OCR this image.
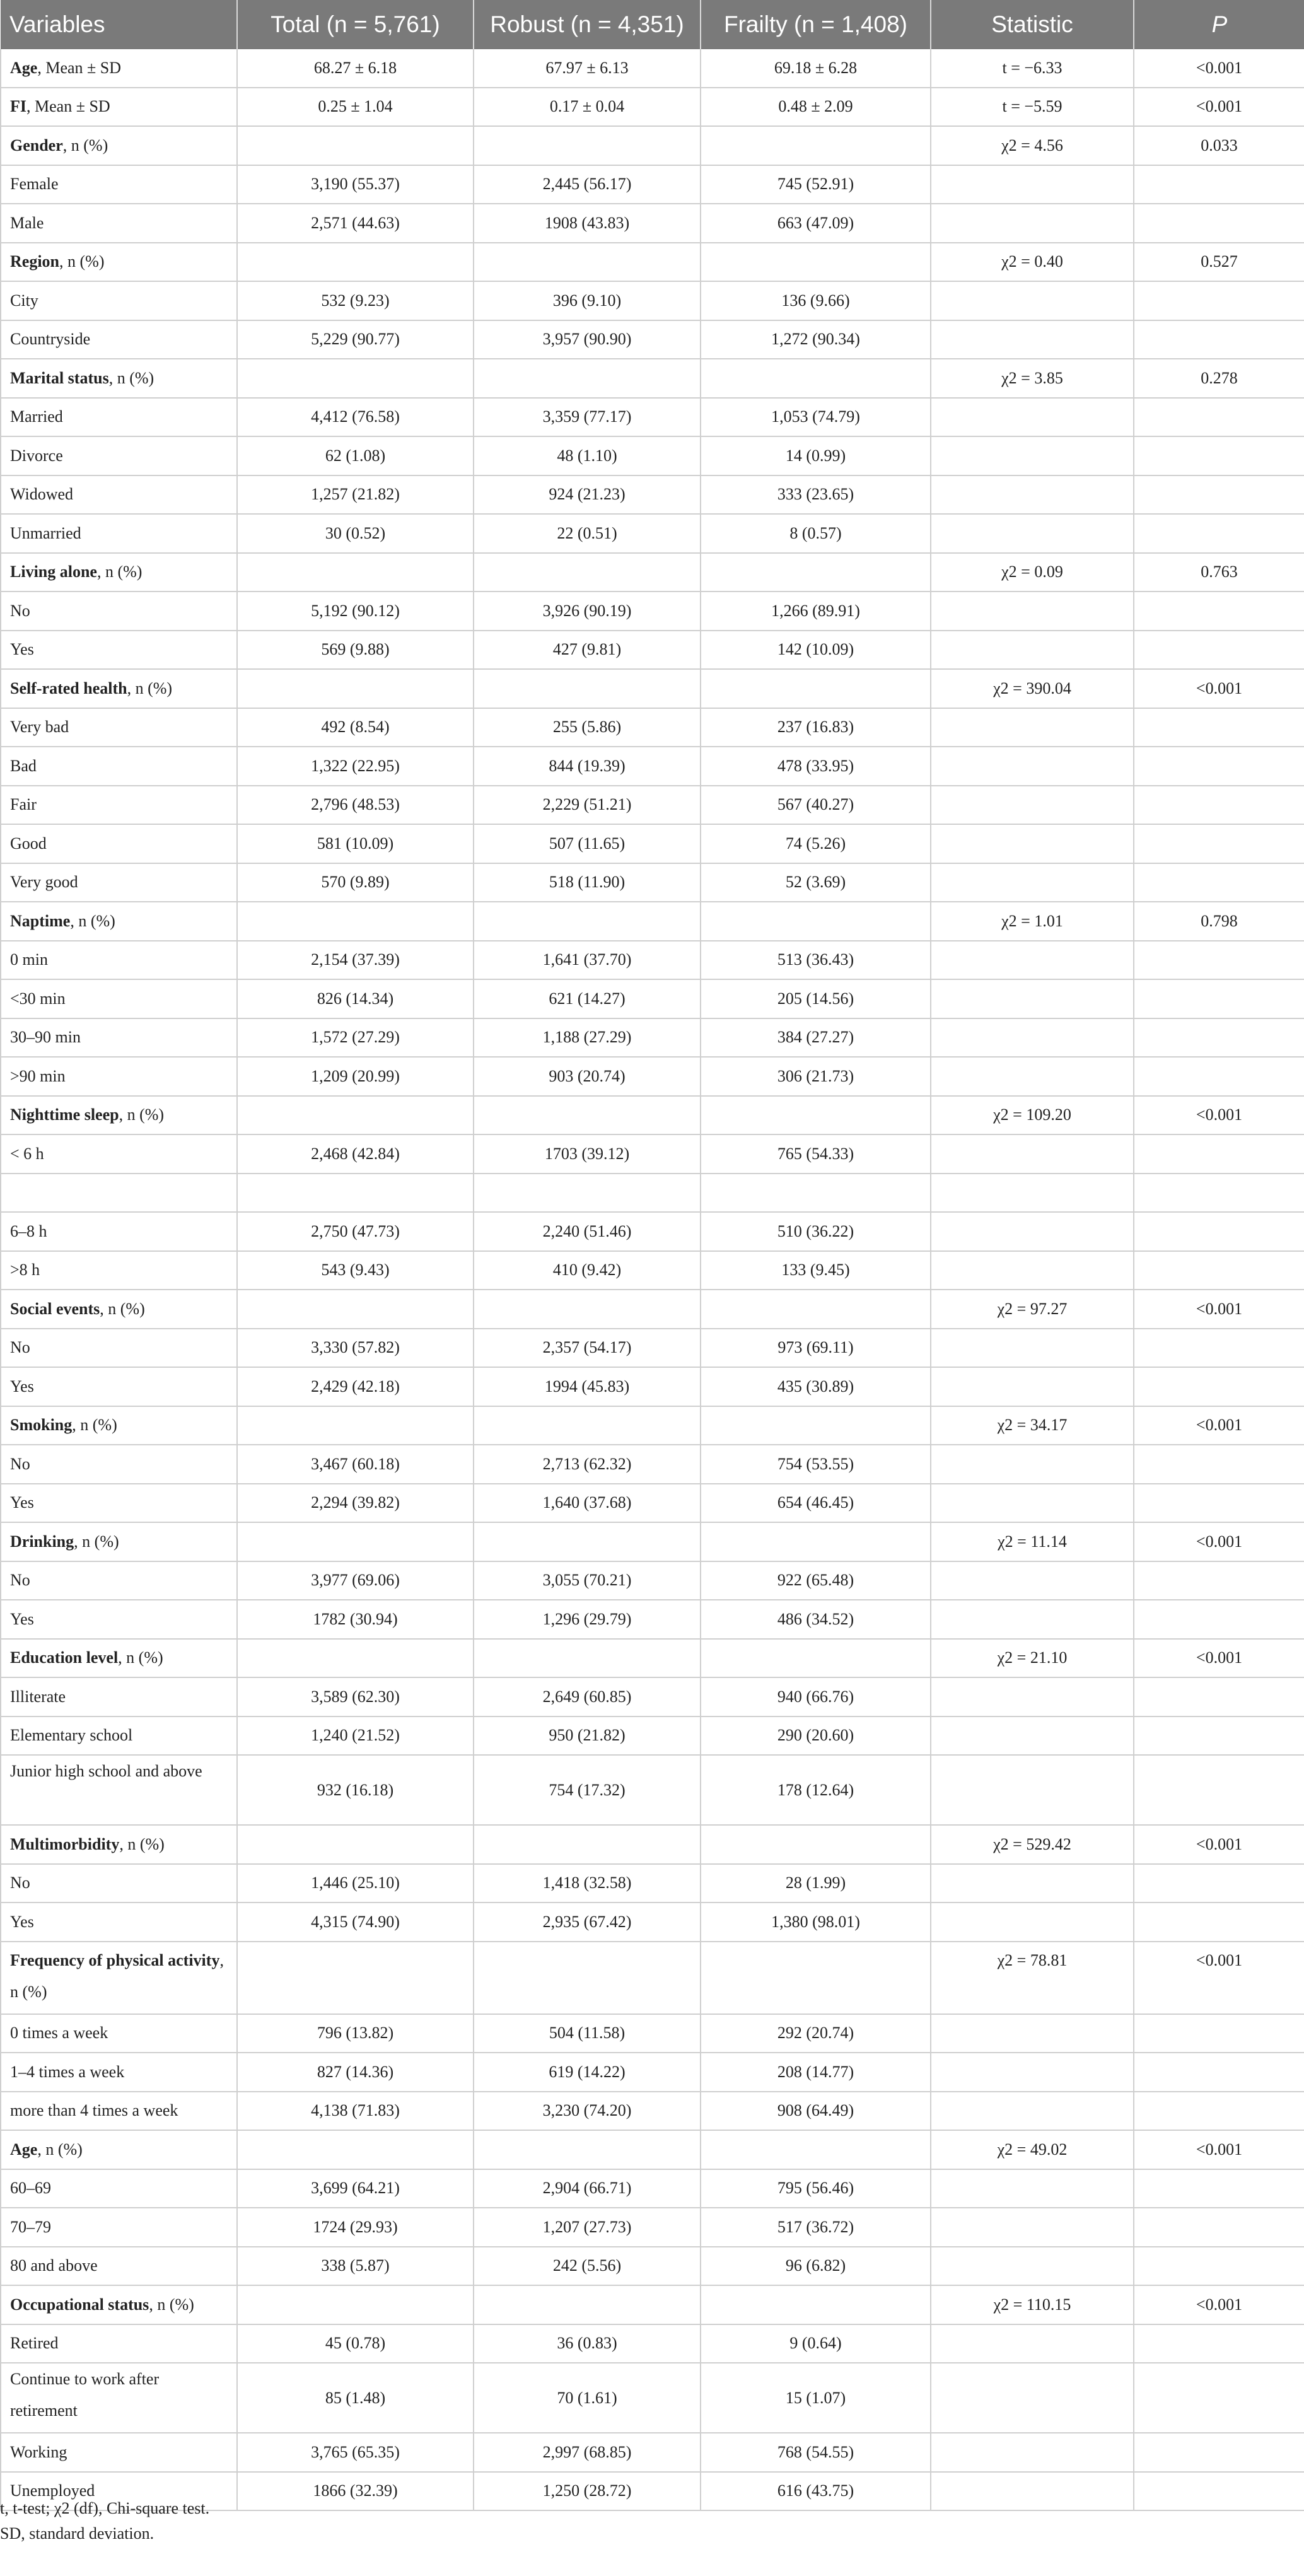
Variables	Total (n = 5,761)	Robust (n = 4,351)	Frailty (n = 1,408)	Statistic	P
Age, Mean ± SD	68.27 ± 6.18	67.97 ± 6.13	69.18 ± 6.28	t = −6.33	<0.001
FI, Mean ± SD	0.25 ± 1.04	0.17 ± 0.04	0.48 ± 2.09	t = −5.59	<0.001
Gender, n (%)				χ2 = 4.56	0.033
Female	3,190 (55.37)	2,445 (56.17)	745 (52.91)		
Male	2,571 (44.63)	1908 (43.83)	663 (47.09)		
Region, n (%)				χ2 = 0.40	0.527
City	532 (9.23)	396 (9.10)	136 (9.66)		
Countryside	5,229 (90.77)	3,957 (90.90)	1,272 (90.34)		
Marital status, n (%)				χ2 = 3.85	0.278
Married	4,412 (76.58)	3,359 (77.17)	1,053 (74.79)		
Divorce	62 (1.08)	48 (1.10)	14 (0.99)		
Widowed	1,257 (21.82)	924 (21.23)	333 (23.65)		
Unmarried	30 (0.52)	22 (0.51)	8 (0.57)		
Living alone, n (%)				χ2 = 0.09	0.763
No	5,192 (90.12)	3,926 (90.19)	1,266 (89.91)		
Yes	569 (9.88)	427 (9.81)	142 (10.09)		
Self-rated health, n (%)				χ2 = 390.04	<0.001
Very bad	492 (8.54)	255 (5.86)	237 (16.83)		
Bad	1,322 (22.95)	844 (19.39)	478 (33.95)		
Fair	2,796 (48.53)	2,229 (51.21)	567 (40.27)		
Good	581 (10.09)	507 (11.65)	74 (5.26)		
Very good	570 (9.89)	518 (11.90)	52 (3.69)		
Naptime, n (%)				χ2 = 1.01	0.798
0 min	2,154 (37.39)	1,641 (37.70)	513 (36.43)		
<30 min	826 (14.34)	621 (14.27)	205 (14.56)		
30–90 min	1,572 (27.29)	1,188 (27.29)	384 (27.27)		
>90 min	1,209 (20.99)	903 (20.74)	306 (21.73)		
Nighttime sleep, n (%)				χ2 = 109.20	<0.001
< 6 h	2,468 (42.84)	1703 (39.12)	765 (54.33)		

6–8 h	2,750 (47.73)	2,240 (51.46)	510 (36.22)		
>8 h	543 (9.43)	410 (9.42)	133 (9.45)		
Social events, n (%)				χ2 = 97.27	<0.001
No	3,330 (57.82)	2,357 (54.17)	973 (69.11)		
Yes	2,429 (42.18)	1994 (45.83)	435 (30.89)		
Smoking, n (%)				χ2 = 34.17	<0.001
No	3,467 (60.18)	2,713 (62.32)	754 (53.55)		
Yes	2,294 (39.82)	1,640 (37.68)	654 (46.45)		
Drinking, n (%)				χ2 = 11.14	<0.001
No	3,977 (69.06)	3,055 (70.21)	922 (65.48)		
Yes	1782 (30.94)	1,296 (29.79)	486 (34.52)		
Education level, n (%)				χ2 = 21.10	<0.001
Illiterate	3,589 (62.30)	2,649 (60.85)	940 (66.76)		
Elementary school	1,240 (21.52)	950 (21.82)	290 (20.60)		
Junior high school and above	932 (16.18)	754 (17.32)	178 (12.64)		
Multimorbidity, n (%)				χ2 = 529.42	<0.001
No	1,446 (25.10)	1,418 (32.58)	28 (1.99)		
Yes	4,315 (74.90)	2,935 (67.42)	1,380 (98.01)		
Frequency of physical activity, n (%)				χ2 = 78.81	<0.001
0 times a week	796 (13.82)	504 (11.58)	292 (20.74)		
1–4 times a week	827 (14.36)	619 (14.22)	208 (14.77)		
more than 4 times a week	4,138 (71.83)	3,230 (74.20)	908 (64.49)		
Age, n (%)				χ2 = 49.02	<0.001
60–69	3,699 (64.21)	2,904 (66.71)	795 (56.46)		
70–79	1724 (29.93)	1,207 (27.73)	517 (36.72)		
80 and above	338 (5.87)	242 (5.56)	96 (6.82)		
Occupational status, n (%)				χ2 = 110.15	<0.001
Retired	45 (0.78)	36 (0.83)	9 (0.64)		
Continue to work after retirement	85 (1.48)	70 (1.61)	15 (1.07)		
Working	3,765 (65.35)	2,997 (68.85)	768 (54.55)		
Unemployed	1866 (32.39)	1,250 (28.72)	616 (43.75)		
t, t-test; χ2 (df), Chi-square test.
SD, standard deviation.
